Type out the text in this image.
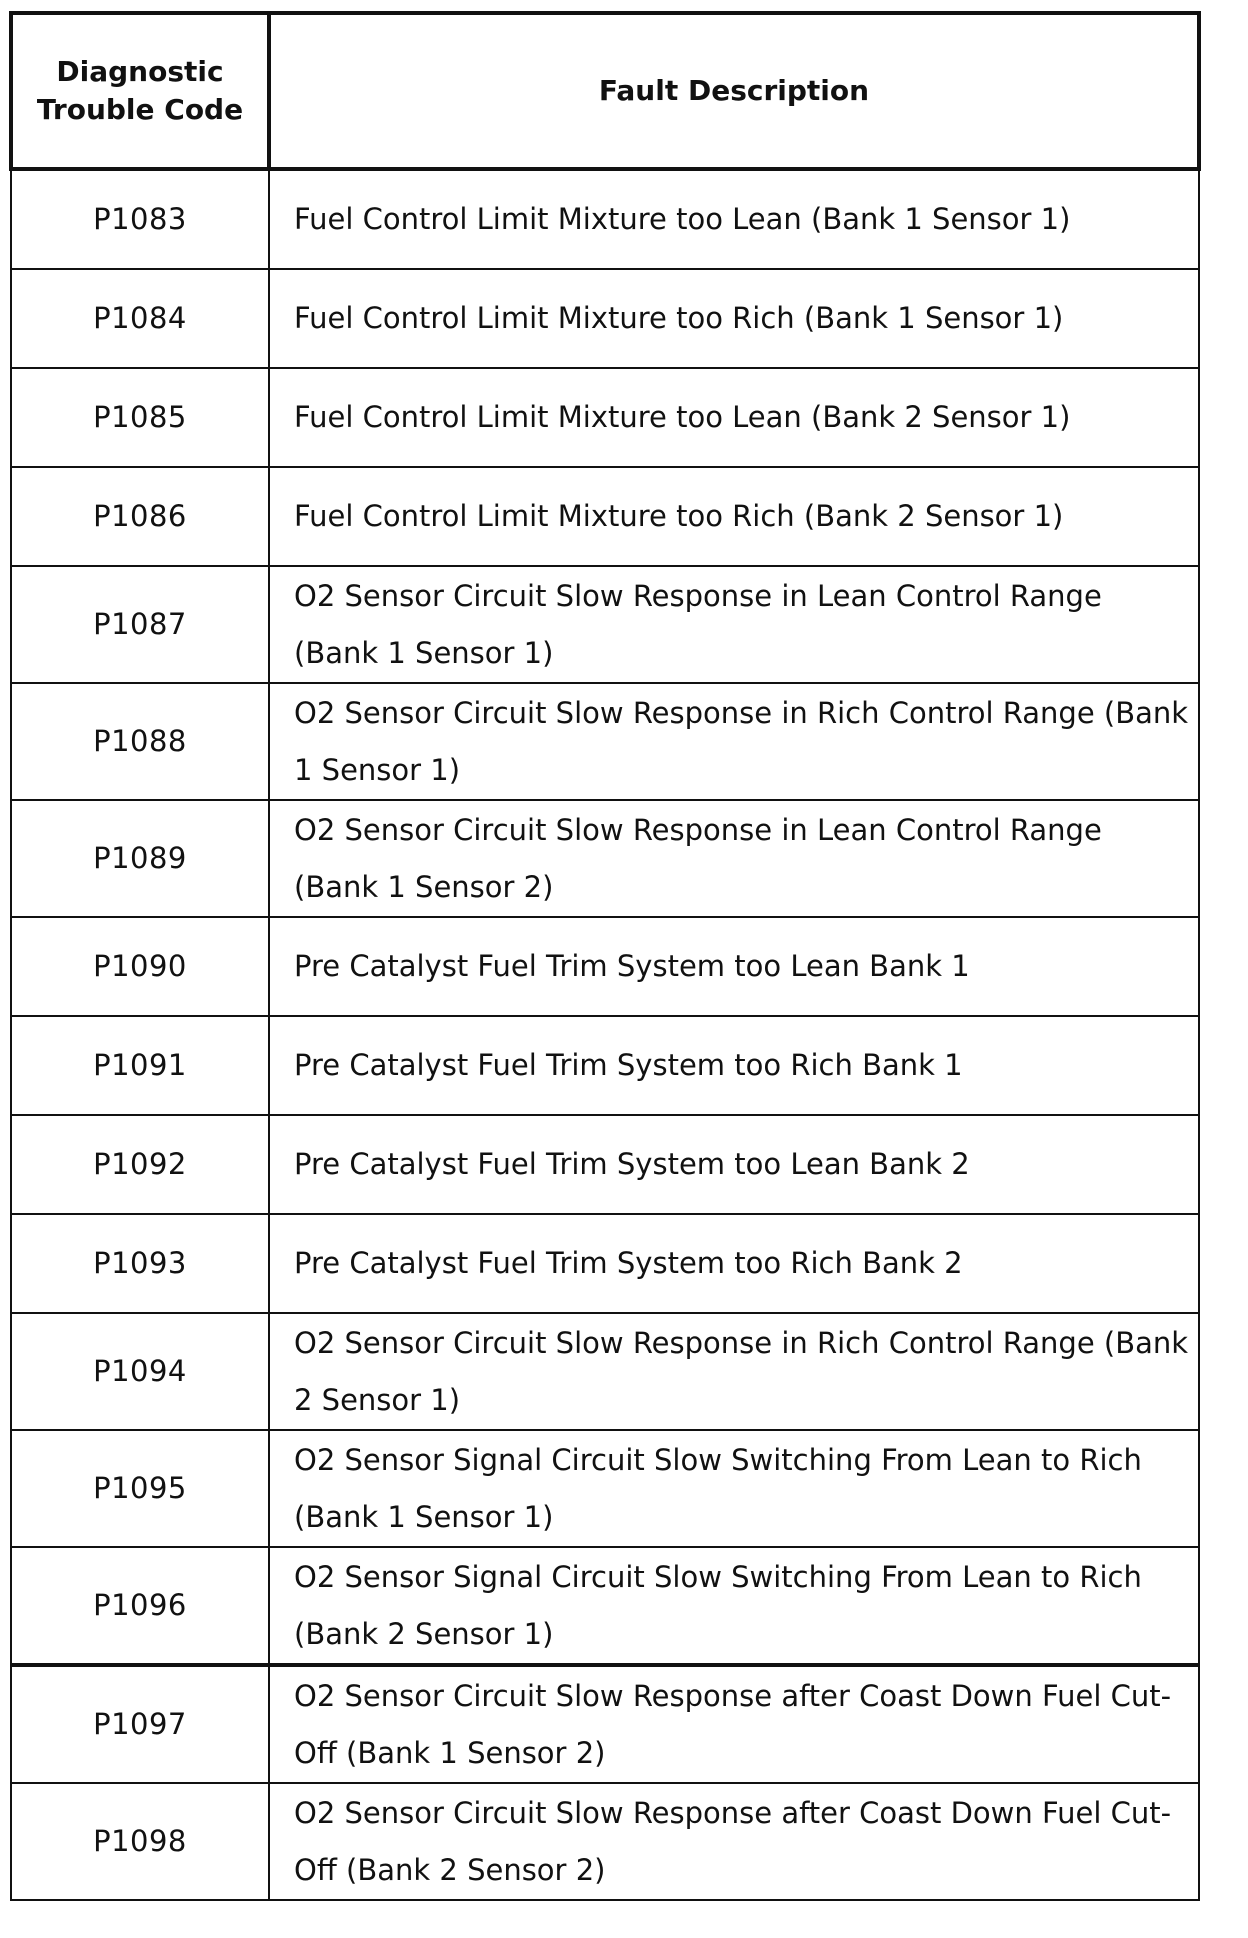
Diagnostic
Trouble Code	Fault Description
P1083	Fuel Control Limit Mixture too Lean (Bank 1 Sensor 1)
P1084	Fuel Control Limit Mixture too Rich (Bank 1 Sensor 1)
P1085	Fuel Control Limit Mixture too Lean (Bank 2 Sensor 1)
P1086	Fuel Control Limit Mixture too Rich (Bank 2 Sensor 1)
P1087	O2 Sensor Circuit Slow Response in Lean Control Range (Bank 1 Sensor 1)
P1088	O2 Sensor Circuit Slow Response in Rich Control Range (Bank 1 Sensor 1)
P1089	O2 Sensor Circuit Slow Response in Lean Control Range (Bank 1 Sensor 2)
P1090	Pre Catalyst Fuel Trim System too Lean Bank 1
P1091	Pre Catalyst Fuel Trim System too Rich Bank 1
P1092	Pre Catalyst Fuel Trim System too Lean Bank 2
P1093	Pre Catalyst Fuel Trim System too Rich Bank 2
P1094	O2 Sensor Circuit Slow Response in Rich Control Range (Bank 2 Sensor 1)
P1095	O2 Sensor Signal Circuit Slow Switching From Lean to Rich (Bank 1 Sensor 1)
P1096	O2 Sensor Signal Circuit Slow Switching From Lean to Rich (Bank 2 Sensor 1)
P1097	O2 Sensor Circuit Slow Response after Coast Down Fuel Cut-Off (Bank 1 Sensor 2)
P1098	O2 Sensor Circuit Slow Response after Coast Down Fuel Cut-Off (Bank 2 Sensor 2)
